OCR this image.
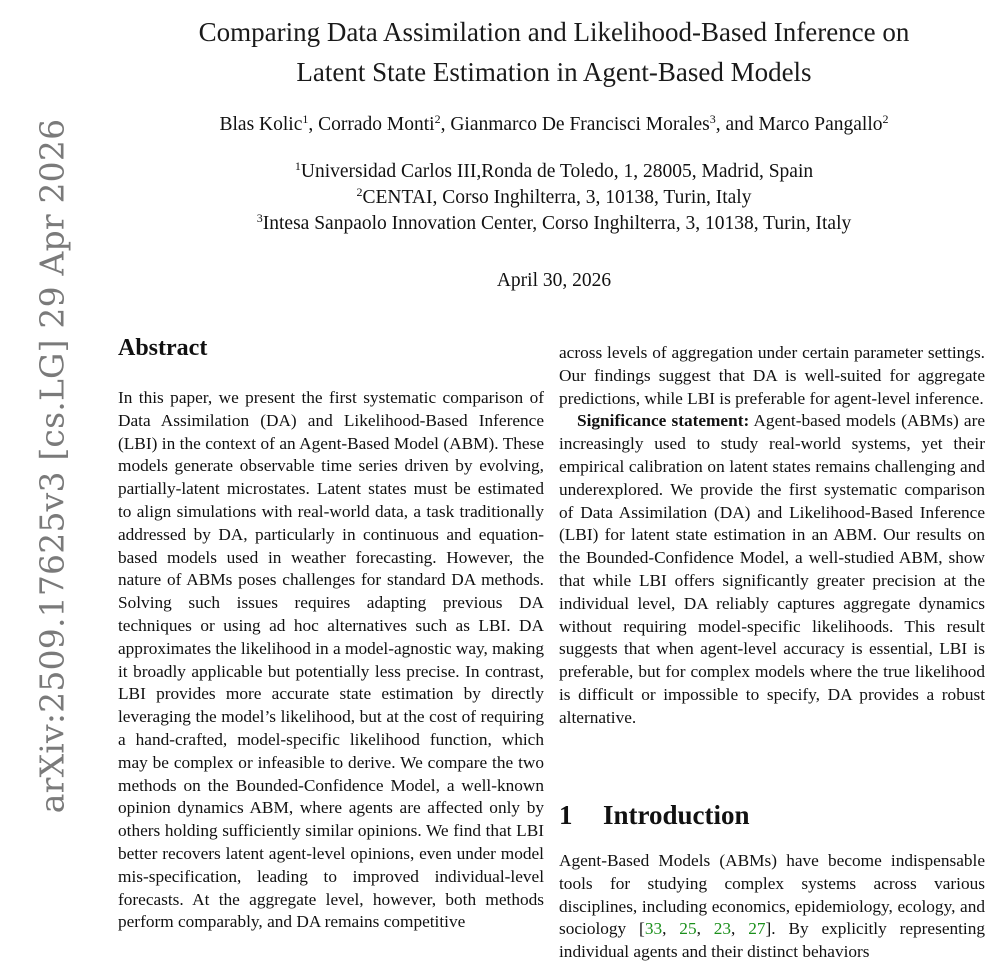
arXiv:2509.17625v3 [cs.LG] 29 Apr 2026
Comparing Data Assimilation and Likelihood-Based Inference on
Latent State Estimation in Agent-Based Models
Blas Kolic$^1$, Corrado Monti$^2$, Gianmarco De Francisci Morales$^3$, and Marco Pangallo$^2$
$^1$Universidad Carlos III,Ronda de Toledo, 1, 28005, Madrid, Spain
$^2$CENTAI, Corso Inghilterra, 3, 10138, Turin, Italy
$^3$Intesa Sanpaolo Innovation Center, Corso Inghilterra, 3, 10138, Turin, Italy
April 30, 2026
Abstract

In this paper, we present the first systematic comparison of Data Assimilation (DA) and Likelihood-Based Inference (LBI) in the context of an Agent-Based Model (ABM). These models generate observable time series driven by evolving, partially-latent microstates. Latent states must be estimated to align simulations with real-world data, a task traditionally addressed by DA, particularly in continuous and equation-based models used in weather forecasting. However, the nature of ABMs poses challenges for standard DA methods. Solving such issues requires adapting previous DA techniques or using ad hoc alternatives such as LBI. DA approximates the likelihood in a model-agnostic way, making it broadly applicable but potentially less precise. In contrast, LBI provides more accurate state estimation by directly leveraging the model’s likelihood, but at the cost of requiring a hand-crafted, model-specific likelihood function, which may be complex or infeasible to derive. We compare the two methods on the Bounded-Confidence Model, a well-known opinion dynamics ABM, where agents are affected only by others holding sufficiently similar opinions. We find that LBI better recovers latent agent-level opinions, even under model mis-specification, leading to improved individual-level forecasts. At the aggregate level, however, both methods perform comparably, and DA remains competitive

across levels of aggregation under certain parameter settings. Our findings suggest that DA is well-suited for aggregate predictions, while LBI is preferable for agent-level inference.

Significance statement: Agent-based models (ABMs) are increasingly used to study real-world systems, yet their empirical calibration on latent states remains challenging and underexplored. We provide the first systematic comparison of Data Assimilation (DA) and Likelihood-Based Inference (LBI) for latent state estimation in an ABM. Our results on the Bounded-Confidence Model, a well-studied ABM, show that while LBI offers significantly greater precision at the individual level, DA reliably captures aggregate dynamics without requiring model-specific likelihoods. This result suggests that when agent-level accuracy is essential, LBI is preferable, but for complex models where the true likelihood is difficult or impossible to specify, DA provides a robust alternative.

1 Introduction

Agent-Based Models (ABMs) have become indispensable tools for studying complex systems across various disciplines, including economics, epidemiology, ecology, and sociology [33, 25, 23, 27]. By explicitly representing individual agents and their distinct behaviors
